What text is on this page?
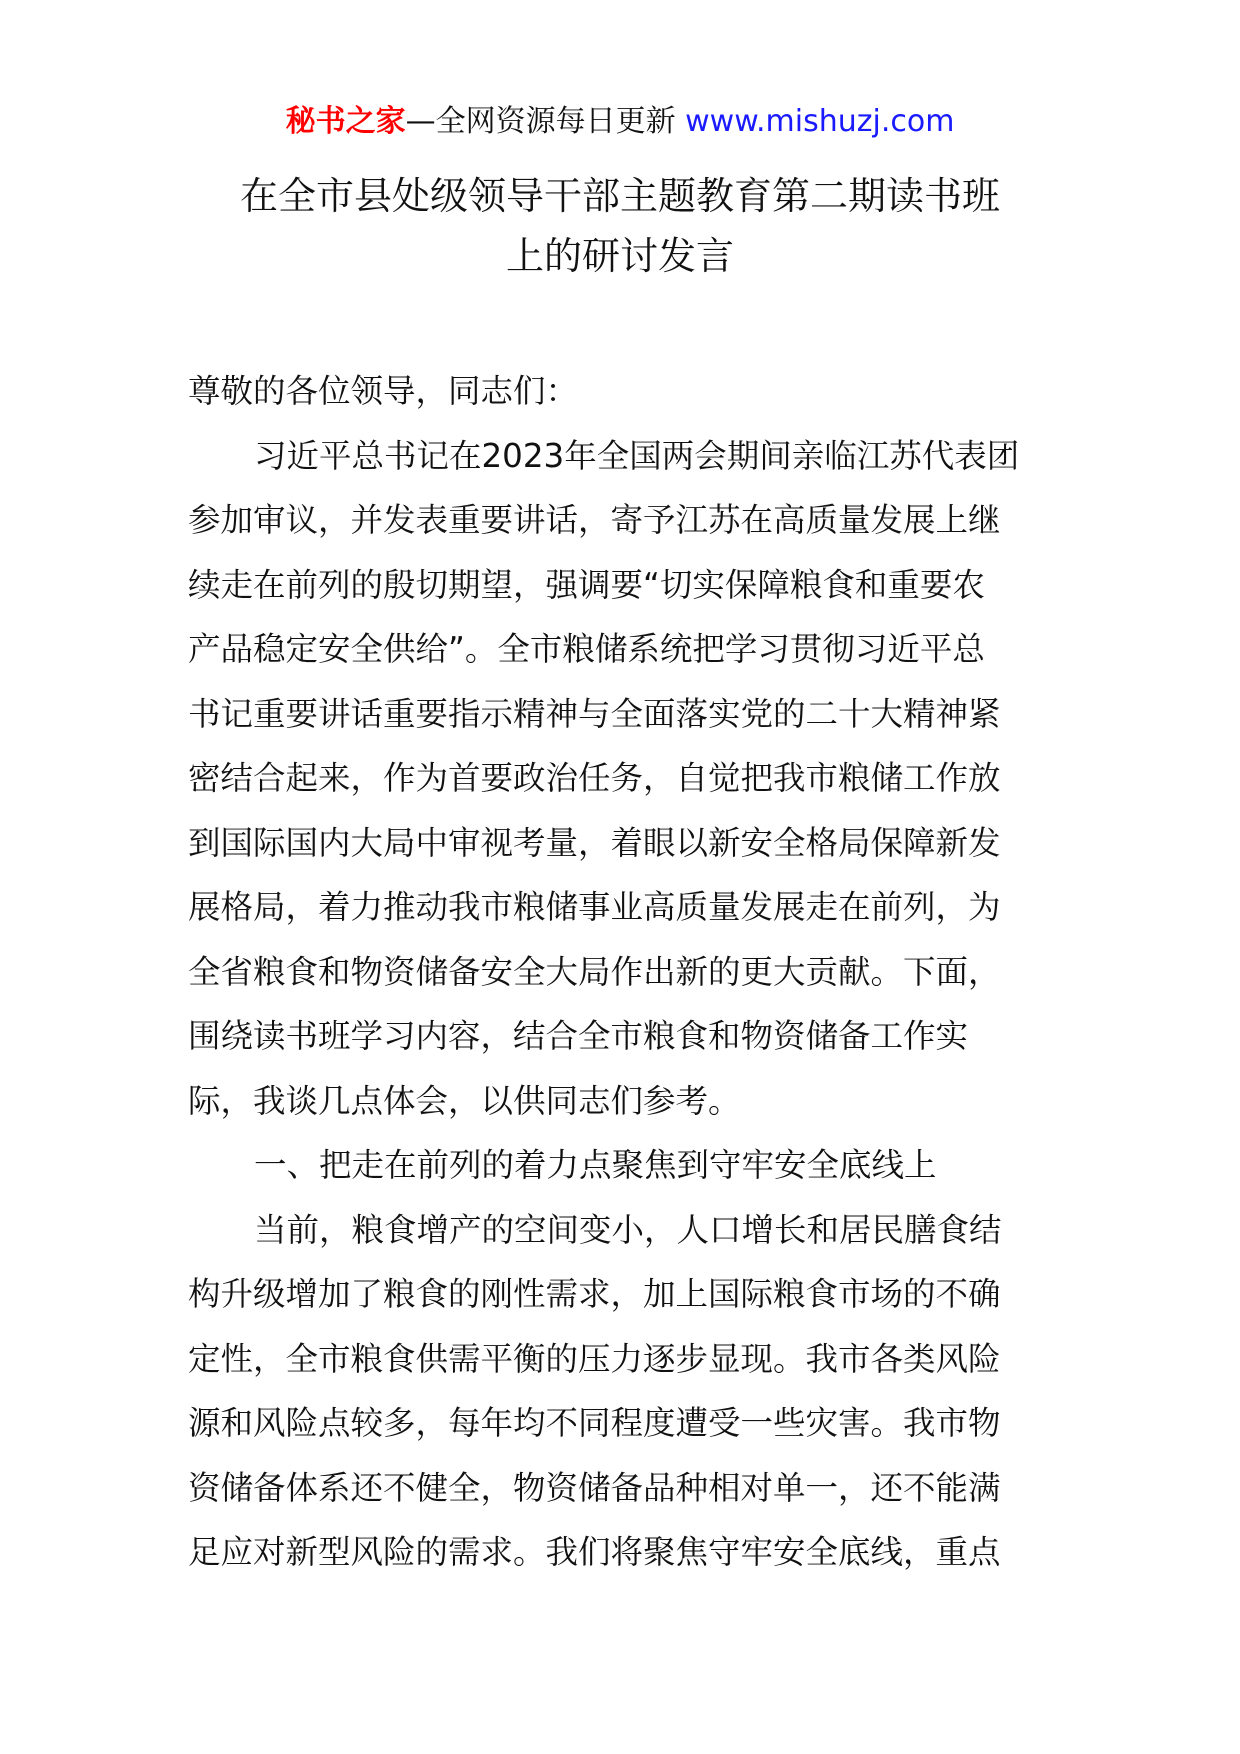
秘书之家—全网资源每日更新 www.mishuzj.com
在全市县处级领导干部主题教育第二期读书班
上的研讨发言
尊敬的各位领导，同志们：
习近平总书记在2023年全国两会期间亲临江苏代表团
参加审议，并发表重要讲话，寄予江苏在高质量发展上继
续走在前列的殷切期望，强调要“切实保障粮食和重要农
产品稳定安全供给”。全市粮储系统把学习贯彻习近平总
书记重要讲话重要指示精神与全面落实党的二十大精神紧
密结合起来，作为首要政治任务，自觉把我市粮储工作放
到国际国内大局中审视考量，着眼以新安全格局保障新发
展格局，着力推动我市粮储事业高质量发展走在前列，为
全省粮食和物资储备安全大局作出新的更大贡献。下面，
围绕读书班学习内容，结合全市粮食和物资储备工作实
际，我谈几点体会，以供同志们参考。
一、把走在前列的着力点聚焦到守牢安全底线上
当前，粮食增产的空间变小，人口增长和居民膳食结
构升级增加了粮食的刚性需求，加上国际粮食市场的不确
定性，全市粮食供需平衡的压力逐步显现。我市各类风险
源和风险点较多，每年均不同程度遭受一些灾害。我市物
资储备体系还不健全，物资储备品种相对单一，还不能满
足应对新型风险的需求。我们将聚焦守牢安全底线，重点
